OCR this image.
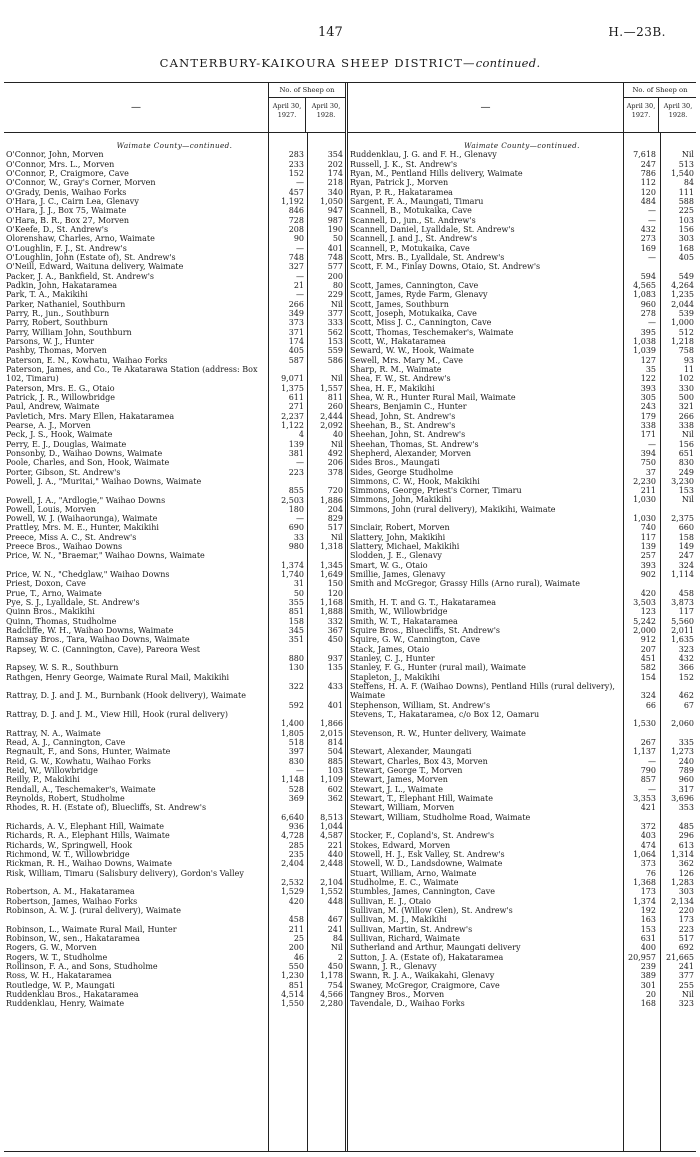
147	H.—23B.
CANTERBURY-KAIKOURA SHEEP DISTRICT—continued.
—
No. of Sheep on
April 30, 1927.
April 30, 1928.
Waimate County—continued.
O'Connor, John, Morven	283	354
O'Connor, Mrs. L., Morven	233	202
O'Connor, P., Craigmore, Cave	152	174
O'Connor, W., Gray's Corner, Morven	—	218
O'Grady, Denis, Waihao Forks	457	340
O'Hara, J. C., Cairn Lea, Glenavy	1,192 1,050
O'Hara, J. J., Box 75, Waimate	846	947
O'Hara, B. R., Box 27, Morven	728	987
O'Keefe, D., St. Andrew's	208	190
Olorenshaw, Charles, Arno, Waimate	90	50
O'Loughlin, F. J., St. Andrew's	—	401
O'Loughlin, John (Estate of), St. Andrew's	748	748
O'Neill, Edward, Waituna delivery, Waimate	327	577
Packer, J. A., Bankfield, St. Andrew's	—	200
Padkin, John, Hakataramea	21	80
Park, T. A., Makikihi	—	229
Parker, Nathaniel, Southburn	266	Nil
Parry, R., jun., Southburn	349	377
Parry, Robert, Southburn	373	333
Parry, William John, Southburn	371	562
Parsons, W. J., Hunter	174	153
Pashby, Thomas, Morven	405	559
Paterson, E. N., Kowhatu, Waihao Forks	587	586
Paterson, James, and Co., Te Akatarawa Station (address: Box 102, Timaru)	9,071	Nil
Paterson, Mrs. E. G., Otaio	1,375 1,557
Patrick, J. R., Willowbridge	611	811
Paul, Andrew, Waimate	271	260
Pavletich, Mrs. Mary Ellen, Hakataramea	2,237 2,444
Pearse, A. J., Morven	1,122 2,092
Peck, J. S., Hook, Waimate	4	40
Perry, E. J., Douglas, Waimate	139	Nil
Ponsonby, D., Waihao Downs, Waimate	381	492
Poole, Charles, and Son, Hook, Waimate	—	206
Porter, Gibson, St. Andrew's	223	378
Powell, J. A., "Muritai," Waihao Downs, Waimate
855	720
Powell, J. A., "Ardlogie," Waihao Downs	2,503 1,886
Powell, Louis, Morven	180	204
Powell, W. J. (Waihaorunga), Waimate	—	829
Prattley, Mrs. M. E., Hunter, Makikihi	690	517
Preece, Miss A. C., St. Andrew's	33	Nil
Preece Bros., Waihao Downs	980 1,318
Price, W. N., "Braemar," Waihao Downs, Waimate
1,374 1,345
Price, W. N., "Chedglaw," Waihao Downs	1,740 1,649
Priest, Doxon, Cave	31	150
Prue, T., Arno, Waimate	50	120
Pye, S. J., Lyalldale, St. Andrew's	355 1,168
Quinn Bros., Makikihi	851 1,888
Quinn, Thomas, Studholme	158	332
Radcliffe, W. H., Waihao Downs, Waimate	345	367
Ramsay Bros., Tara, Waihao Downs, Waimate	351	450
Rapsey, W. C. (Cannington, Cave), Pareora West
880	937
Rapsey, W. S. R., Southburn	130	135
Rathgen, Henry George, Waimate Rural Mail, Makikihi
322	433
Rattray, D. J. and J. M., Burnbank (Hook delivery), Waimate
592	401
Rattray, D. J. and J. M., View Hill, Hook (rural delivery)
1,400 1,866
Rattray, N. A., Waimate	1,805 2,015
Read, A. J., Cannington, Cave	518	814
Regnault, F., and Sons, Hunter, Waimate	397	504
Reid, G. W., Kowhatu, Waihao Forks	830	885
Reid, W., Willowbridge	—	103
Reilly, P., Makikihi	1,148 1,109
Rendall, A., Teschemaker's, Waimate	528	602
Reynolds, Robert, Studholme	369	362
Rhodes, R. H. (Estate of), Bluecliffs, St. Andrew's
6,640 8,513
Richards, A. V., Elephant Hill, Waimate	936 1,044
Richards, R. A., Elephant Hills, Waimate	4,728 4,587
Richards, W., Springwell, Hook	285	221
Richmond, W. T., Willowbridge	235	440
Rickman, R. H., Waihao Downs, Waimate	2,404 2,448
Risk, William, Timaru (Salisbury delivery), Gordon's Valley
2,532 2,104
Robertson, A. M., Hakataramea	1,529 1,552
Robertson, James, Waihao Forks	420	448
Robinson, A. W. J. (rural delivery), Waimate
458	467
Robinson, L., Waimate Rural Mail, Hunter	211	241
Robinson, W., sen., Hakataramea	25	84
Rogers, G. W., Morven	200	Nil
Rogers, W. T., Studholme	46	2
Rollinson, F. A., and Sons, Studholme	550	450
Ross, W. H., Hakataramea	1,230 1,178
Routledge, W. P., Maungati	851	754
Ruddenklau Bros., Hakataramea	4,514 4,566
Ruddenklau, Henry, Waimate	1,550 2,280
—
No. of Sheep on
April 30, 1927.
April 30, 1928.
Waimate County—continued.
Ruddenklau, J. G. and F. H., Glenavy	7,618	Nil
Russell, J. K., St. Andrew's	247	513
Ryan, M., Pentland Hills delivery, Waimate	786 1,540
Ryan, Patrick J., Morven	112	84
Ryan, P. R., Hakataramea	120	111
Sargent, F. A., Maungati, Timaru	484	588
Scannell, B., Motukaika, Cave	—	225
Scannell, D., jun., St. Andrew's	—	103
Scannell, Daniel, Lyalldale, St. Andrew's	432	156
Scannell, J. and J., St. Andrew's	273	303
Scannell, P., Motukaika, Cave	169	168
Scott, Mrs. B., Lyalldale, St. Andrew's	—	405
Scott, F. M., Finlay Downs, Otaio, St. Andrew's
594	549
Scott, James, Cannington, Cave	4,565 4,264
Scott, James, Ryde Farm, Glenavy	1,083 1,235
Scott, James, Southburn	960 2,044
Scott, Joseph, Motukaika, Cave	278	539
Scott, Miss J. C., Cannington, Cave	— 1,000
Scott, Thomas, Teschemaker's, Waimate	395	512
Scott, W., Hakataramea	1,038 1,218
Seward, W. W., Hook, Waimate	1,039	758
Sewell, Mrs. Mary M., Cave	127	93
Sharp, R. M., Waimate	35	11
Shea, F. W., St. Andrew's	122	102
Shea, H. F., Makikihi	393	330
Shea, W. R., Hunter Rural Mail, Waimate	305	500
Shears, Benjamin C., Hunter	243	321
Shead, John, St. Andrew's	179	266
Sheehan, B., St. Andrew's	338	338
Sheehan, John, St. Andrew's	171	Nil
Sheehan, Thomas, St. Andrew's	—	156
Shepherd, Alexander, Morven	394	651
Sides Bros., Maungati	750	830
Sides, George Studholme	37	249
Simmons, C. W., Hook, Makikihi	2,230 3,230
Simmons, George, Priest's Corner, Timaru	211	153
Simmons, John, Makikihi	1,030	Nil
Simmons, John (rural delivery), Makikihi, Waimate
1,030 2,375
Sinclair, Robert, Morven	740	660
Slattery, John, Makikihi	117	158
Slattery, Michael, Makikihi	139	149
Slodden, J. E., Glenavy	257	247
Smart, W. G., Otaio	393	324
Smillie, James, Glenavy	902 1,114
Smith and McGregor, Grassy Hills (Arno rural), Waimate
420	458
Smith, H. T. and G. T., Hakataramea	3,503 3,873
Smith, W., Willowbridge	123	117
Smith, W. T., Hakataramea	5,242 5,560
Squire Bros., Bluecliffs, St. Andrew's	2,000 2,011
Squire, G. W., Cannington, Cave	912 1,635
Stack, James, Otaio	207	323
Stanley, C. J., Hunter	451	432
Stanley, F. G., Hunter (rural mail), Waimate	582	366
Stapleton, J., Makikihi	154	152
Steffens, H. A. F. (Waihao Downs), Pentland Hills (rural delivery), Waimate	324	462
Stephenson, William, St. Andrew's	66	67
Stevens, T., Hakataramea, c/o Box 12, Oamaru
1,530 2,060
Stevenson, R. W., Hunter delivery, Waimate
267	335
Stewart, Alexander, Maungati	1,137 1,273
Stewart, Charles, Box 43, Morven	—	240
Stewart, George T., Morven	790	789
Stewart, James, Morven	857	960
Stewart, J. L., Waimate	—	317
Stewart, T., Elephant Hill, Waimate	3,353 3,696
Stewart, William, Morven	421	353
Stewart, William, Studholme Road, Waimate
372	485
Stocker, F., Copland's, St. Andrew's	403	296
Stokes, Edward, Morven	474	613
Stowell, H. J., Esk Valley, St. Andrew's	1,064 1,314
Stowell, W. D., Landsdowne, Waimate	373	362
Stuart, William, Arno, Waimate	76	126
Studholme, E. C., Waimate	1,368 1,283
Stumbles, James, Cannington, Cave	173	303
Sullivan, E. J., Otaio	1,374 2,134
Sullivan, M. (Willow Glen), St. Andrew's	192	220
Sullivan, M. J., Makikihi	163	173
Sullivan, Martin, St. Andrew's	153	223
Sullivan, Richard, Waimate	631	517
Sutherland and Arthur, Maungati delivery	400	692
Sutton, J. A. (Estate of), Hakataramea	20,957 21,665
Swann, J. R., Glenavy	239	241
Swann, R. J. A., Waikakahi, Glenavy	389	377
Swaney, McGregor, Craigmore, Cave	301	255
Tangney Bros., Morven	20	Nil
Tavendale, D., Waihao Forks	168	323
